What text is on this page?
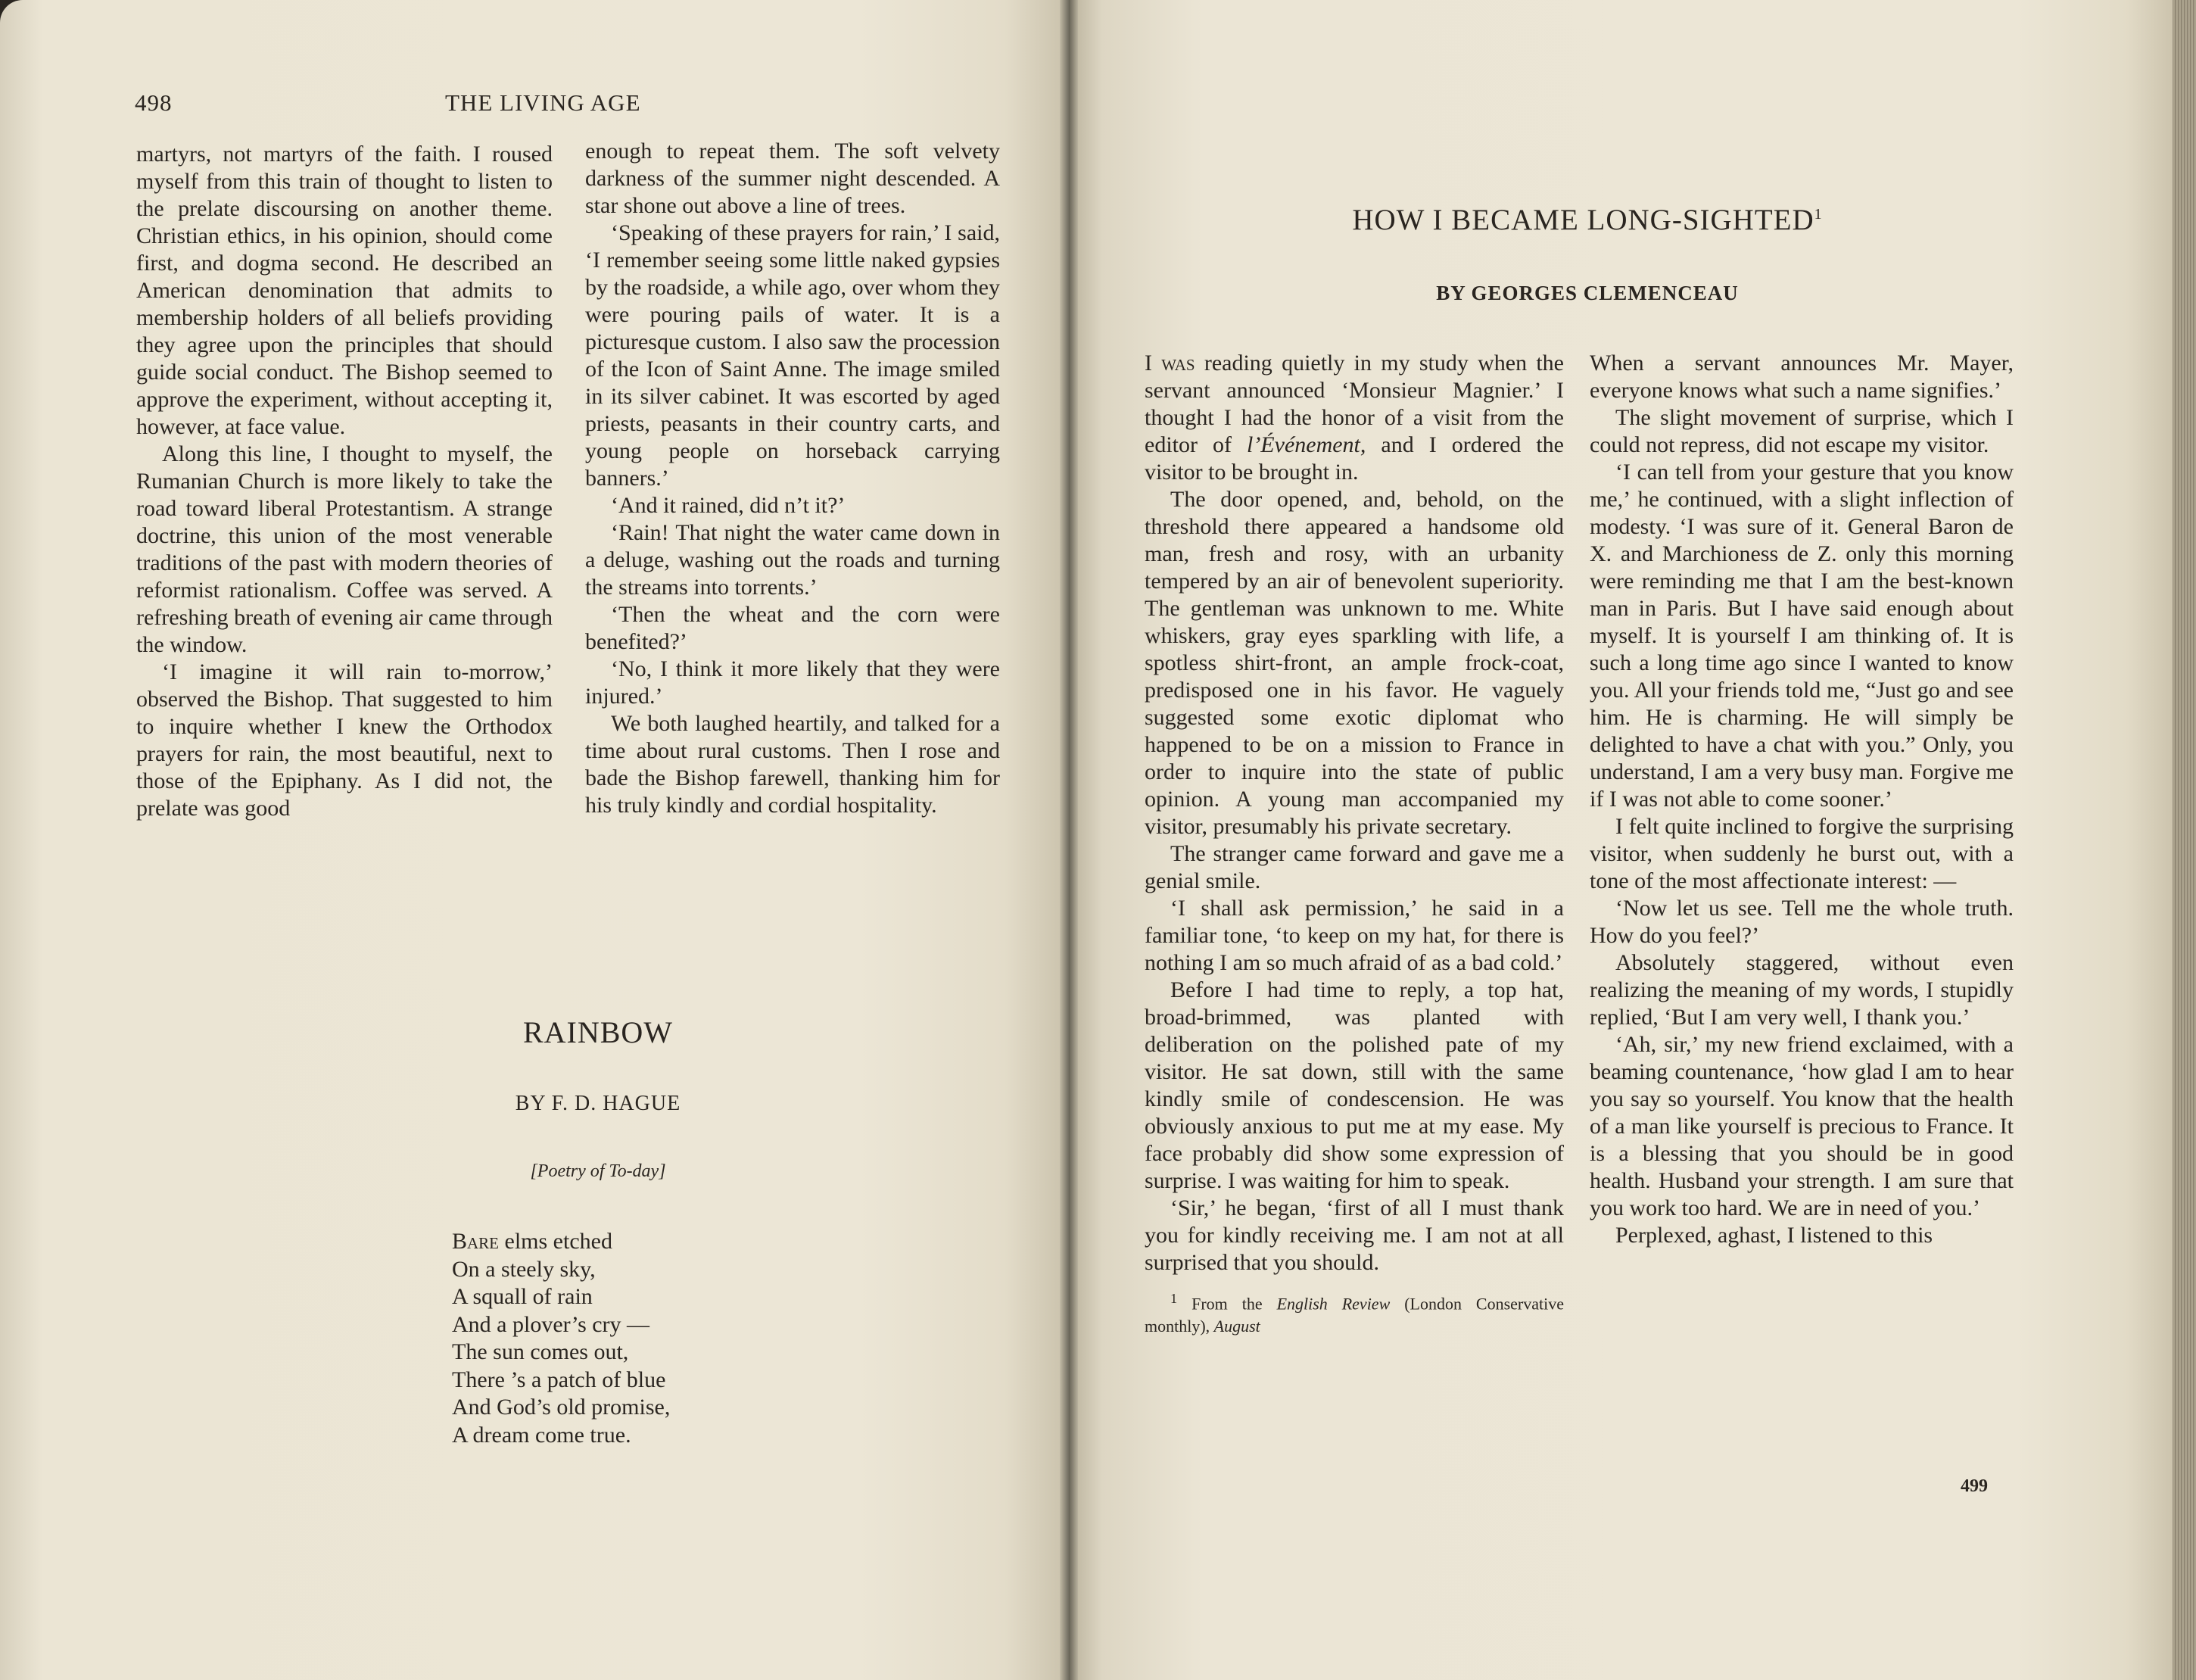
498	THE LIVING AGE

martyrs, not martyrs of the faith. I roused myself from this train of thought to listen to the prelate discoursing on another theme. Christian ethics, in his opinion, should come first, and dogma second. He described an American denomination that admits to membership holders of all beliefs providing they agree upon the principles that should guide social conduct. The Bishop seemed to approve the experiment, without accepting it, however, at face value.

Along this line, I thought to myself, the Rumanian Church is more likely to take the road toward liberal Protestantism. A strange doctrine, this union of the most venerable traditions of the past with modern theories of reformist rationalism. Coffee was served. A refreshing breath of evening air came through the window.

‘I imagine it will rain to-morrow,’ observed the Bishop. That suggested to him to inquire whether I knew the Orthodox prayers for rain, the most beautiful, next to those of the Epiphany. As I did not, the prelate was good

enough to repeat them. The soft velvety darkness of the summer night descended. A star shone out above a line of trees.

‘Speaking of these prayers for rain,’ I said, ‘I remember seeing some little naked gypsies by the roadside, a while ago, over whom they were pouring pails of water. It is a picturesque custom. I also saw the procession of the Icon of Saint Anne. The image smiled in its silver cabinet. It was escorted by aged priests, peasants in their country carts, and young people on horseback carrying banners.’

‘And it rained, did n’t it?’

‘Rain! That night the water came down in a deluge, washing out the roads and turning the streams into torrents.’

‘Then the wheat and the corn were benefited?’

‘No, I think it more likely that they were injured.’

We both laughed heartily, and talked for a time about rural customs. Then I rose and bade the Bishop farewell, thanking him for his truly kindly and cordial hospitality.

RAINBOW
BY F. D. HAGUE
[Poetry of To-day]
Bare elms etched
On a steely sky,
A squall of rain
And a plover’s cry —
The sun comes out,
There ’s a patch of blue
And God’s old promise,
A dream come true.
HOW I BECAME LONG-SIGHTED$^1$
BY GEORGES CLEMENCEAU

I was reading quietly in my study when the servant announced ‘Monsieur Magnier.’ I thought I had the honor of a visit from the editor of l’Événement, and I ordered the visitor to be brought in.

The door opened, and, behold, on the threshold there appeared a handsome old man, fresh and rosy, with an urbanity tempered by an air of benevolent superiority. The gentleman was unknown to me. White whiskers, gray eyes sparkling with life, a spotless shirt-front, an ample frock-coat, predisposed one in his favor. He vaguely suggested some exotic diplomat who happened to be on a mission to France in order to inquire into the state of public opinion. A young man accompanied my visitor, presumably his private secretary.

The stranger came forward and gave me a genial smile.

‘I shall ask permission,’ he said in a familiar tone, ‘to keep on my hat, for there is nothing I am so much afraid of as a bad cold.’

Before I had time to reply, a top hat, broad-brimmed, was planted with deliberation on the polished pate of my visitor. He sat down, still with the same kindly smile of condescension. He was obviously anxious to put me at my ease. My face probably did show some expression of surprise. I was waiting for him to speak.

‘Sir,’ he began, ‘first of all I must thank you for kindly receiving me. I am not at all surprised that you should.

$^1$ From the English Review (London Conservative monthly), August

When a servant announces Mr. Mayer, everyone knows what such a name signifies.’

The slight movement of surprise, which I could not repress, did not escape my visitor.

‘I can tell from your gesture that you know me,’ he continued, with a slight inflection of modesty. ‘I was sure of it. General Baron de X. and Marchioness de Z. only this morning were reminding me that I am the best-known man in Paris. But I have said enough about myself. It is yourself I am thinking of. It is such a long time ago since I wanted to know you. All your friends told me, “Just go and see him. He is charming. He will simply be delighted to have a chat with you.” Only, you understand, I am a very busy man. Forgive me if I was not able to come sooner.’

I felt quite inclined to forgive the surprising visitor, when suddenly he burst out, with a tone of the most affectionate interest: —

‘Now let us see. Tell me the whole truth. How do you feel?’

Absolutely staggered, without even realizing the meaning of my words, I stupidly replied, ‘But I am very well, I thank you.’

‘Ah, sir,’ my new friend exclaimed, with a beaming countenance, ‘how glad I am to hear you say so yourself. You know that the health of a man like yourself is precious to France. It is a blessing that you should be in good health. Husband your strength. I am sure that you work too hard. We are in need of you.’

Perplexed, aghast, I listened to this

499
